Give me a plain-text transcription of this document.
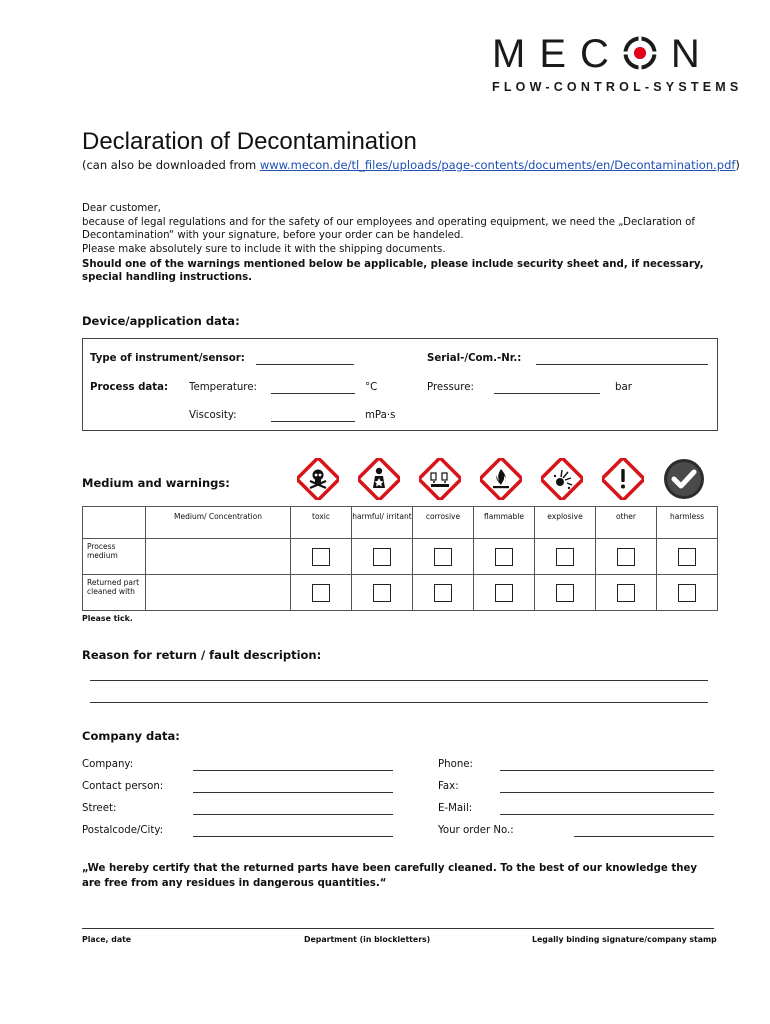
MEC N
FLOW-CONTROL-SYSTEMS
Declaration of Decontamination
(can also be downloaded from www.mecon.de/tl_files/uploads/page-contents/documents/en/Decontamination.pdf)
Dear customer,
because of legal regulations and for the safety of our employees and operating equipment, we need the „Declaration of Decontamination“ with your signature, before your order can be handeled.
Please make absolutely sure to include it with the shipping documents.
Should one of the warnings mentioned below be applicable, please include security sheet and, if necessary, special handling instructions.
Device/application data:
Type of instrument/sensor:	Serial-/Com.-Nr.:
Process data: Temperature:	°C	Pressure:	bar
Viscosity:	mPa·s
Medium and warnings:
	Medium/ Concentration	toxic	harmful/ irritant	corrosive	flammable	explosive	other	harmless
Process medium		

Returned part cleaned with		

Please tick.
Reason for return / fault description:
Company data:
Company:	Phone:
Contact person:	Fax:
Street:	E-Mail:
Postalcode/City:	Your order No.:
„We hereby certify that the returned parts have been carefully cleaned. To the best of our knowledge they are free from any residues in dangerous quantities.“
Place, date	Department (in blockletters)	Legally binding signature/company stamp
